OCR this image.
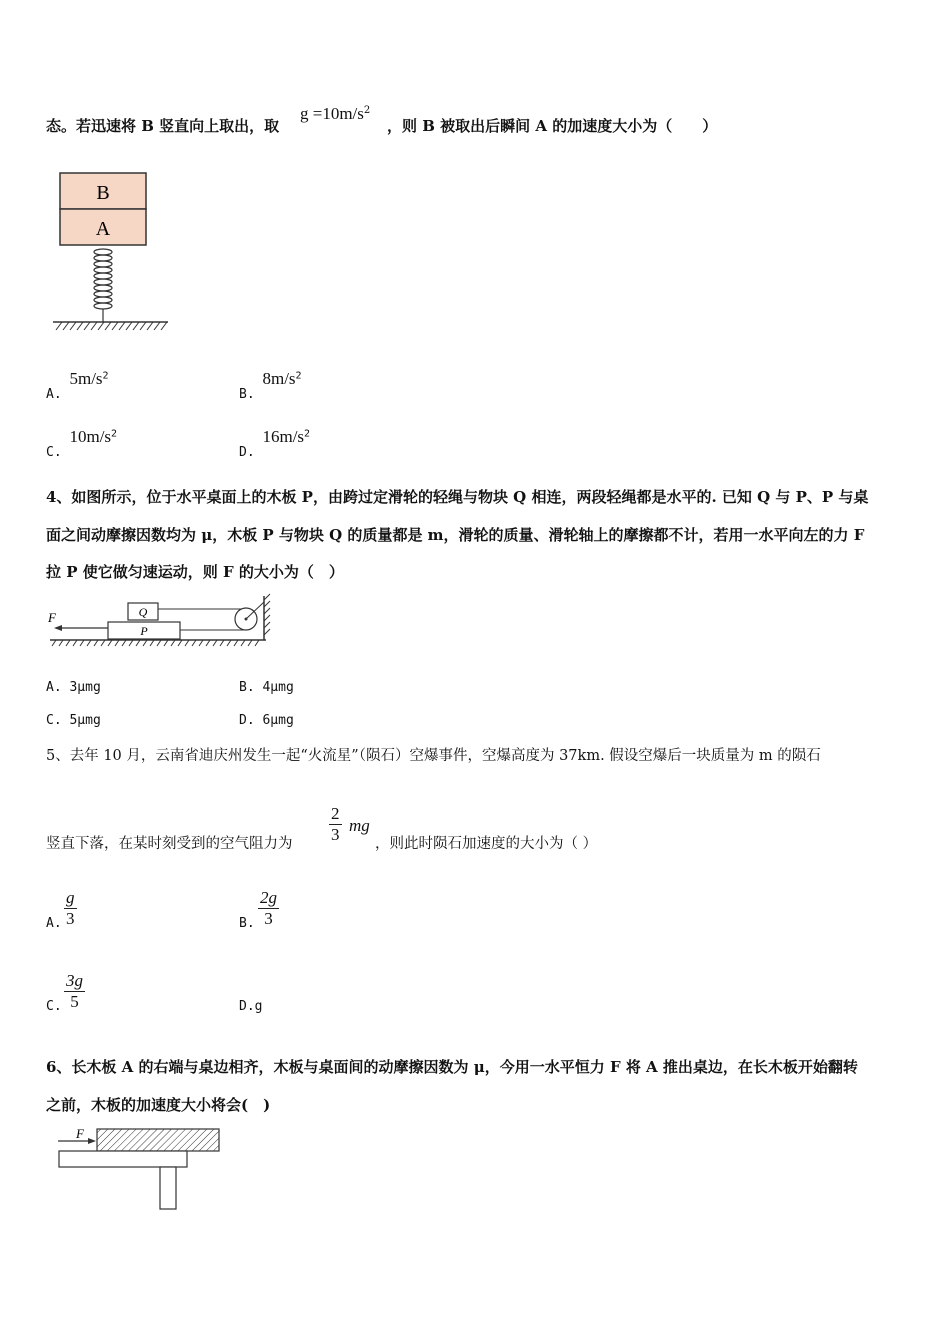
态。若迅速将 B 竖直向上取出，取
$g =10m/s^2$
，则 B 被取出后瞬间 A 的加速度大小为（　　）
B
A
A. $5m/s^2$
B. $8m/s^2$
C. $10m/s^2$
D. $16m/s^2$
4、如图所示，位于水平桌面上的木板 P，由跨过定滑轮的轻绳与物块 Q 相连，两段轻绳都是水平的. 已知 Q 与 P、P 与桌
面之间动摩擦因数均为 μ，木板 P 与物块 Q 的质量都是 m，滑轮的质量、滑轮轴上的摩擦都不计，若用一水平向左的力 F
拉 P 使它做匀速运动，则 F 的大小为（　）
F	Q
P
A. 3μmg	B. 4μmg
C. 5μmg	D. 6μmg
5、去年 10 月，云南省迪庆州发生一起“火流星”（陨石）空爆事件，空爆高度为 37km. 假设空爆后一块质量为 m 的陨石
竖直下落，在某时刻受到的空气阻力为 $\frac{2}{3}$ mg
，则此时陨石加速度的大小为（ ）
A. $\frac{g}{3}$	B. $\frac{2g}{3}$
C. $\frac{3g}{5}$	D.g
6、长木板 A 的右端与桌边相齐，木板与桌面间的动摩擦因数为 μ，今用一水平恒力 F 将 A 推出桌边，在长木板开始翻转
之前，木板的加速度大小将会(　)
F
